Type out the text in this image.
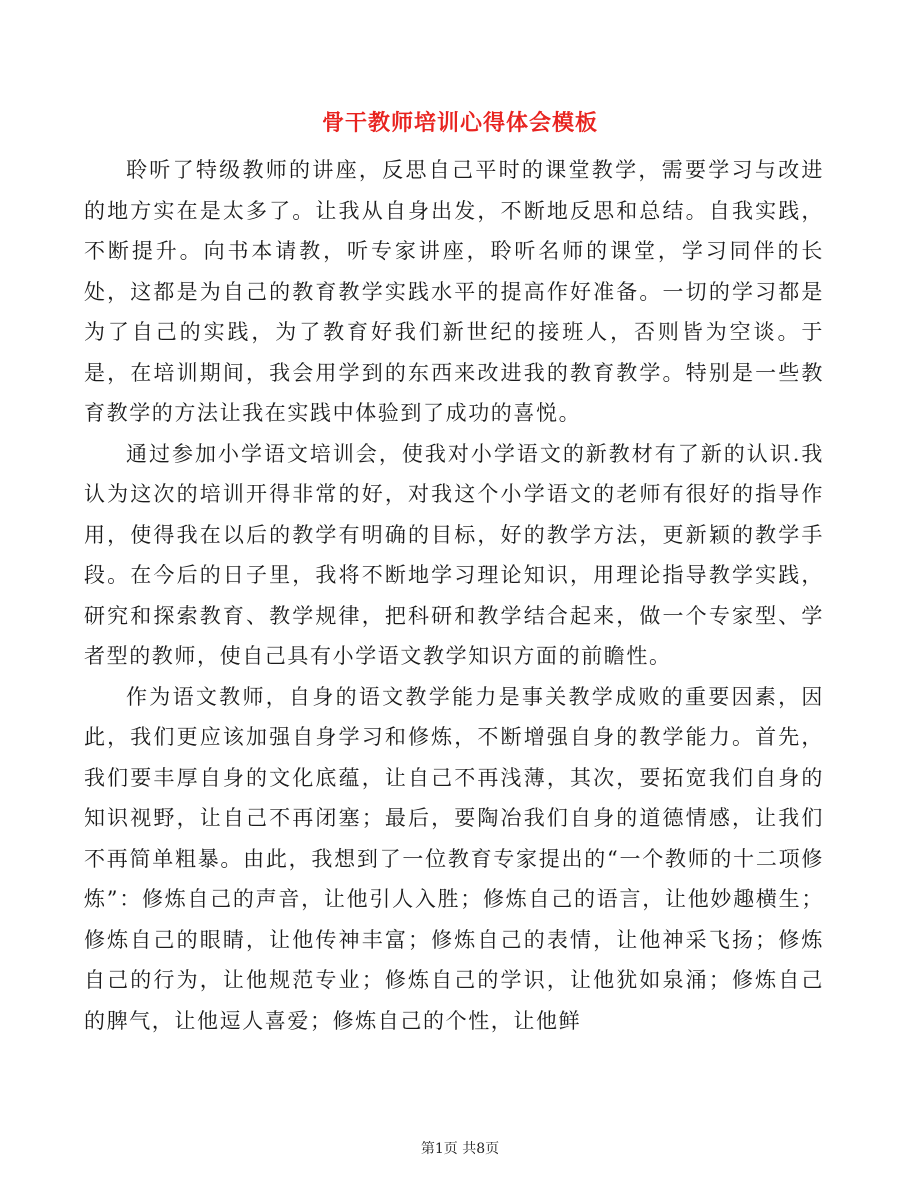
骨干教师培训心得体会模板

聆听了特级教师的讲座，反思自己平时的课堂教学，需要学习与改进的地方实在是太多了。让我从自身出发，不断地反思和总结。自我实践，不断提升。向书本请教，听专家讲座，聆听名师的课堂，学习同伴的长处，这都是为自己的教育教学实践水平的提高作好准备。一切的学习都是为了自己的实践，为了教育好我们新世纪的接班人，否则皆为空谈。于是，在培训期间，我会用学到的东西来改进我的教育教学。特别是一些教育教学的方法让我在实践中体验到了成功的喜悦。

通过参加小学语文培训会，使我对小学语文的新教材有了新的认识.我认为这次的培训开得非常的好，对我这个小学语文的老师有很好的指导作用，使得我在以后的教学有明确的目标，好的教学方法，更新颖的教学手段。在今后的日子里，我将不断地学习理论知识，用理论指导教学实践，研究和探索教育、教学规律，把科研和教学结合起来，做一个专家型、学者型的教师，使自己具有小学语文教学知识方面的前瞻性。

作为语文教师，自身的语文教学能力是事关教学成败的重要因素，因此，我们更应该加强自身学习和修炼，不断增强自身的教学能力。首先，我们要丰厚自身的文化底蕴，让自己不再浅薄，其次，要拓宽我们自身的知识视野，让自己不再闭塞；最后，要陶冶我们自身的道德情感，让我们不再简单粗暴。由此，我想到了一位教育专家提出的“一个教师的十二项修炼”：修炼自己的声音，让他引人入胜；修炼自己的语言，让他妙趣横生；修炼自己的眼睛，让他传神丰富；修炼自己的表情，让他神采飞扬；修炼自己的行为，让他规范专业；修炼自己的学识，让他犹如泉涌；修炼自己的脾气，让他逗人喜爱；修炼自己的个性，让他鲜

第1页 共8页
